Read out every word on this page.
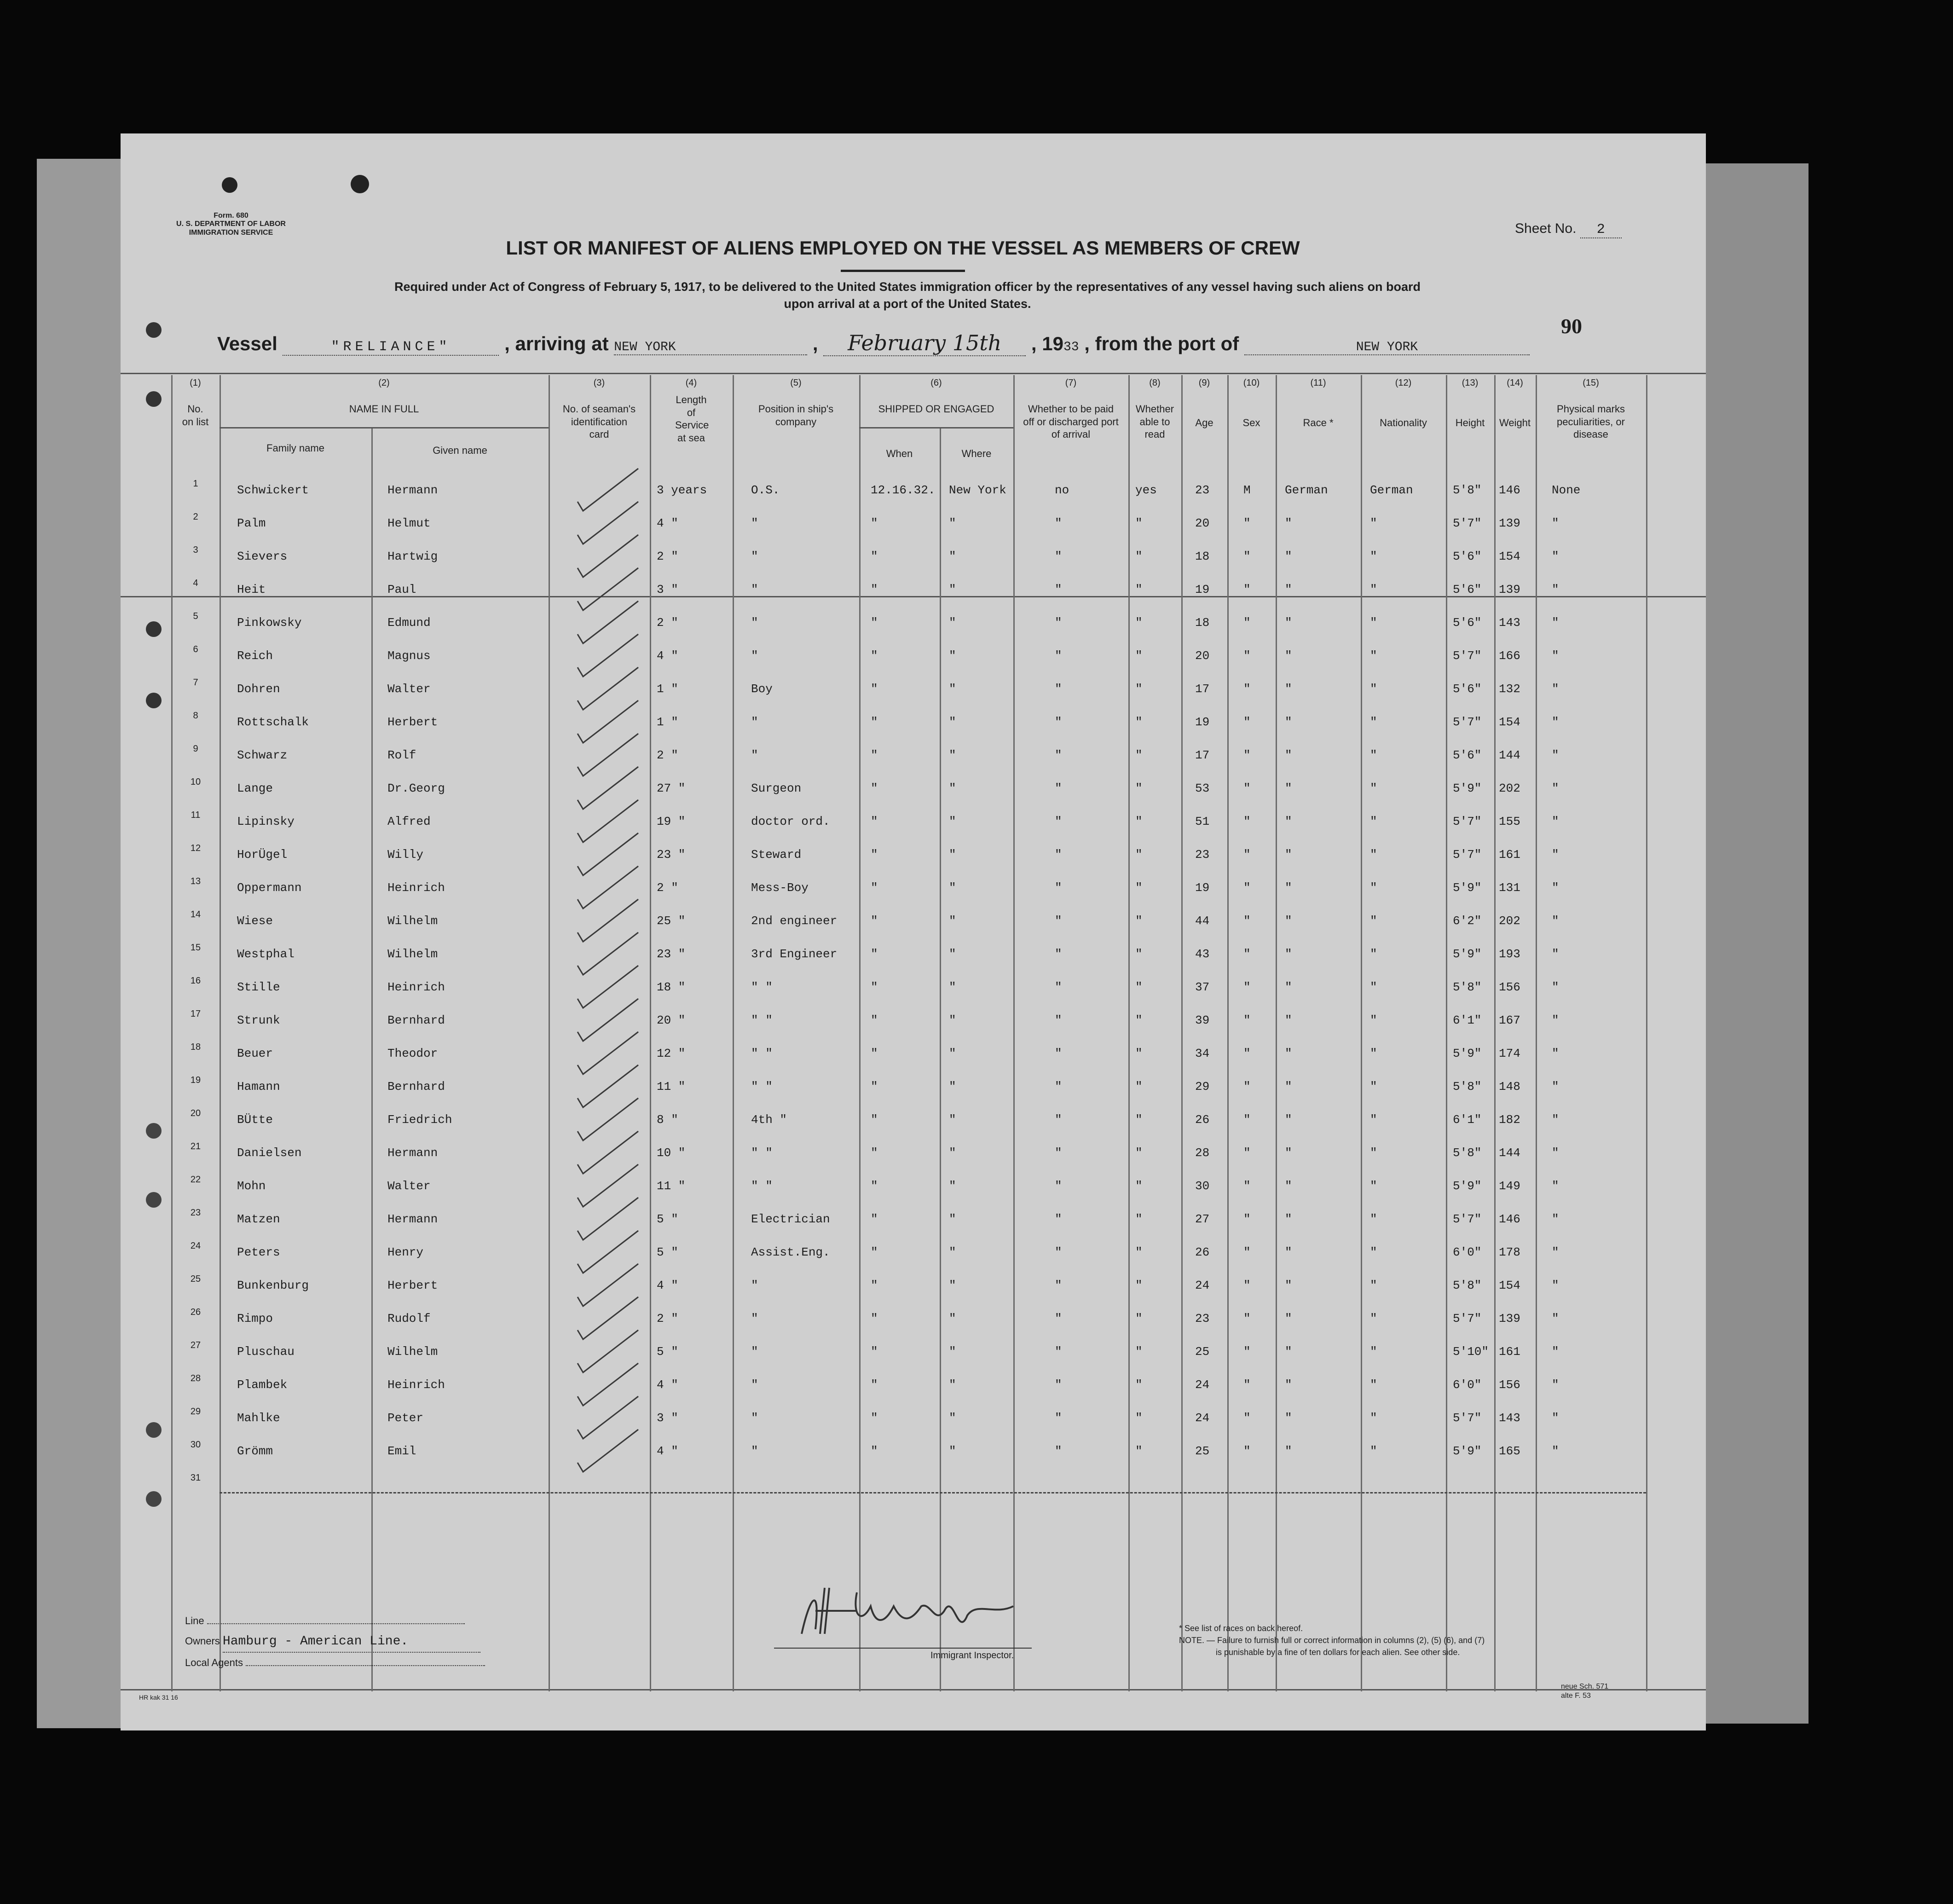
Form. 680
U. S. DEPARTMENT OF LABOR
IMMIGRATION SERVICE
LIST OR MANIFEST OF ALIENS EMPLOYED ON THE VESSEL AS MEMBERS OF CREW
Required under Act of Congress of February 5, 1917, to be delivered to the United States immigration officer by the representatives of any vessel having such aliens on board
upon arrival at a port of the United States.
Sheet No. 2
90
Vessel	"RELIANCE"	, arriving at NEW YORK	, February 15th , 1933 , from the port of	NEW YORK
(1)
No. on list
(2)
NAME IN FULL
Family name	Given name
(3)
No. of seaman's identification card
(4)
Length of Service at sea
(5)
Position in ship's company
(6)
SHIPPED OR ENGAGED
When	Where
(7)
Whether to be paid off or discharged port of arrival
(8)
Whether able to read
(9)
Age
(10)
Sex
(11)
Race *
(12)
Nationality
(13)
Height
(14)
Weight
(15)
Physical marks peculiarities, or disease
1	Schwickert	Hermann	3 years	O.S.	12.16.32. New York	no	yes	23	M	German	German	5'8" 146	None
2	Palm	Helmut	4 "	"	"	"	"	"	20	"	"	"	5'7" 139	"
3	Sievers	Hartwig	2 "	"	"	"	"	"	18	"	"	"	5'6" 154	"
4	Heit	Paul	3 "	"	"	"	"	"	19	"	"	"	5'6" 139	"
5	Pinkowsky	Edmund	2 "	"	"	"	"	"	18	"	"	"	5'6" 143	"
6	Reich	Magnus	4 "	"	"	"	"	"	20	"	"	"	5'7" 166	"
7	Dohren	Walter	1 "	Boy	"	"	"	"	17	"	"	"	5'6" 132	"
8	Rottschalk	Herbert	1 "	"	"	"	"	"	19	"	"	"	5'7" 154	"
9	Schwarz	Rolf	2 "	"	"	"	"	"	17	"	"	"	5'6" 144	"
10	Lange	Dr.Georg	27 "	Surgeon	"	"	"	"	53	"	"	"	5'9" 202	"
11	Lipinsky	Alfred	19 "	doctor ord.	"	"	"	"	51	"	"	"	5'7" 155	"
12	HorÜgel	Willy	23 "	Steward	"	"	"	"	23	"	"	"	5'7" 161	"
13	Oppermann	Heinrich	2 "	Mess-Boy	"	"	"	"	19	"	"	"	5'9" 131	"
14	Wiese	Wilhelm	25 "	2nd engineer	"	"	"	"	44	"	"	"	6'2" 202	"
15	Westphal	Wilhelm	23 "	3rd Engineer	"	"	"	"	43	"	"	"	5'9" 193	"
16	Stille	Heinrich	18 "	" "	"	"	"	"	37	"	"	"	5'8" 156	"
17	Strunk	Bernhard	20 "	" "	"	"	"	"	39	"	"	"	6'1" 167	"
18	Beuer	Theodor	12 "	" "	"	"	"	"	34	"	"	"	5'9" 174	"
19	Hamann	Bernhard	11 "	" "	"	"	"	"	29	"	"	"	5'8" 148	"
20	BÜtte	Friedrich	8 "	4th "	"	"	"	"	26	"	"	"	6'1" 182	"
21	Danielsen	Hermann	10 "	" "	"	"	"	"	28	"	"	"	5'8" 144	"
22	Mohn	Walter	11 "	" "	"	"	"	"	30	"	"	"	5'9" 149	"
23	Matzen	Hermann	5 "	Electrician	"	"	"	"	27	"	"	"	5'7" 146	"
24	Peters	Henry	5 "	Assist.Eng.	"	"	"	"	26	"	"	"	6'0" 178	"
25	Bunkenburg	Herbert	4 "	"	"	"	"	"	24	"	"	"	5'8" 154	"
26	Rimpo	Rudolf	2 "	"	"	"	"	"	23	"	"	"	5'7" 139	"
27	Pluschau	Wilhelm	5 "	"	"	"	"	"	25	"	"	"	5'10" 161	"
28	Plambek	Heinrich	4 "	"	"	"	"	"	24	"	"	"	6'0" 156	"
29	Mahlke	Peter	3 "	"	"	"	"	"	24	"	"	"	5'7" 143	"
30	Grömm	Emil	4 "	"	"	"	"	"	25	"	"	"	5'9" 165	"
31
Line
Owners Hamburg - American Line.
Local Agents
Immigrant Inspector.
* See list of races on back hereof.
NOTE. — Failure to furnish full or correct information in columns (2), (5) (6), and (7)
is punishable by a fine of ten dollars for each alien. See other side.
HR kak 31 16
neue Sch. 571
alte F. 53
